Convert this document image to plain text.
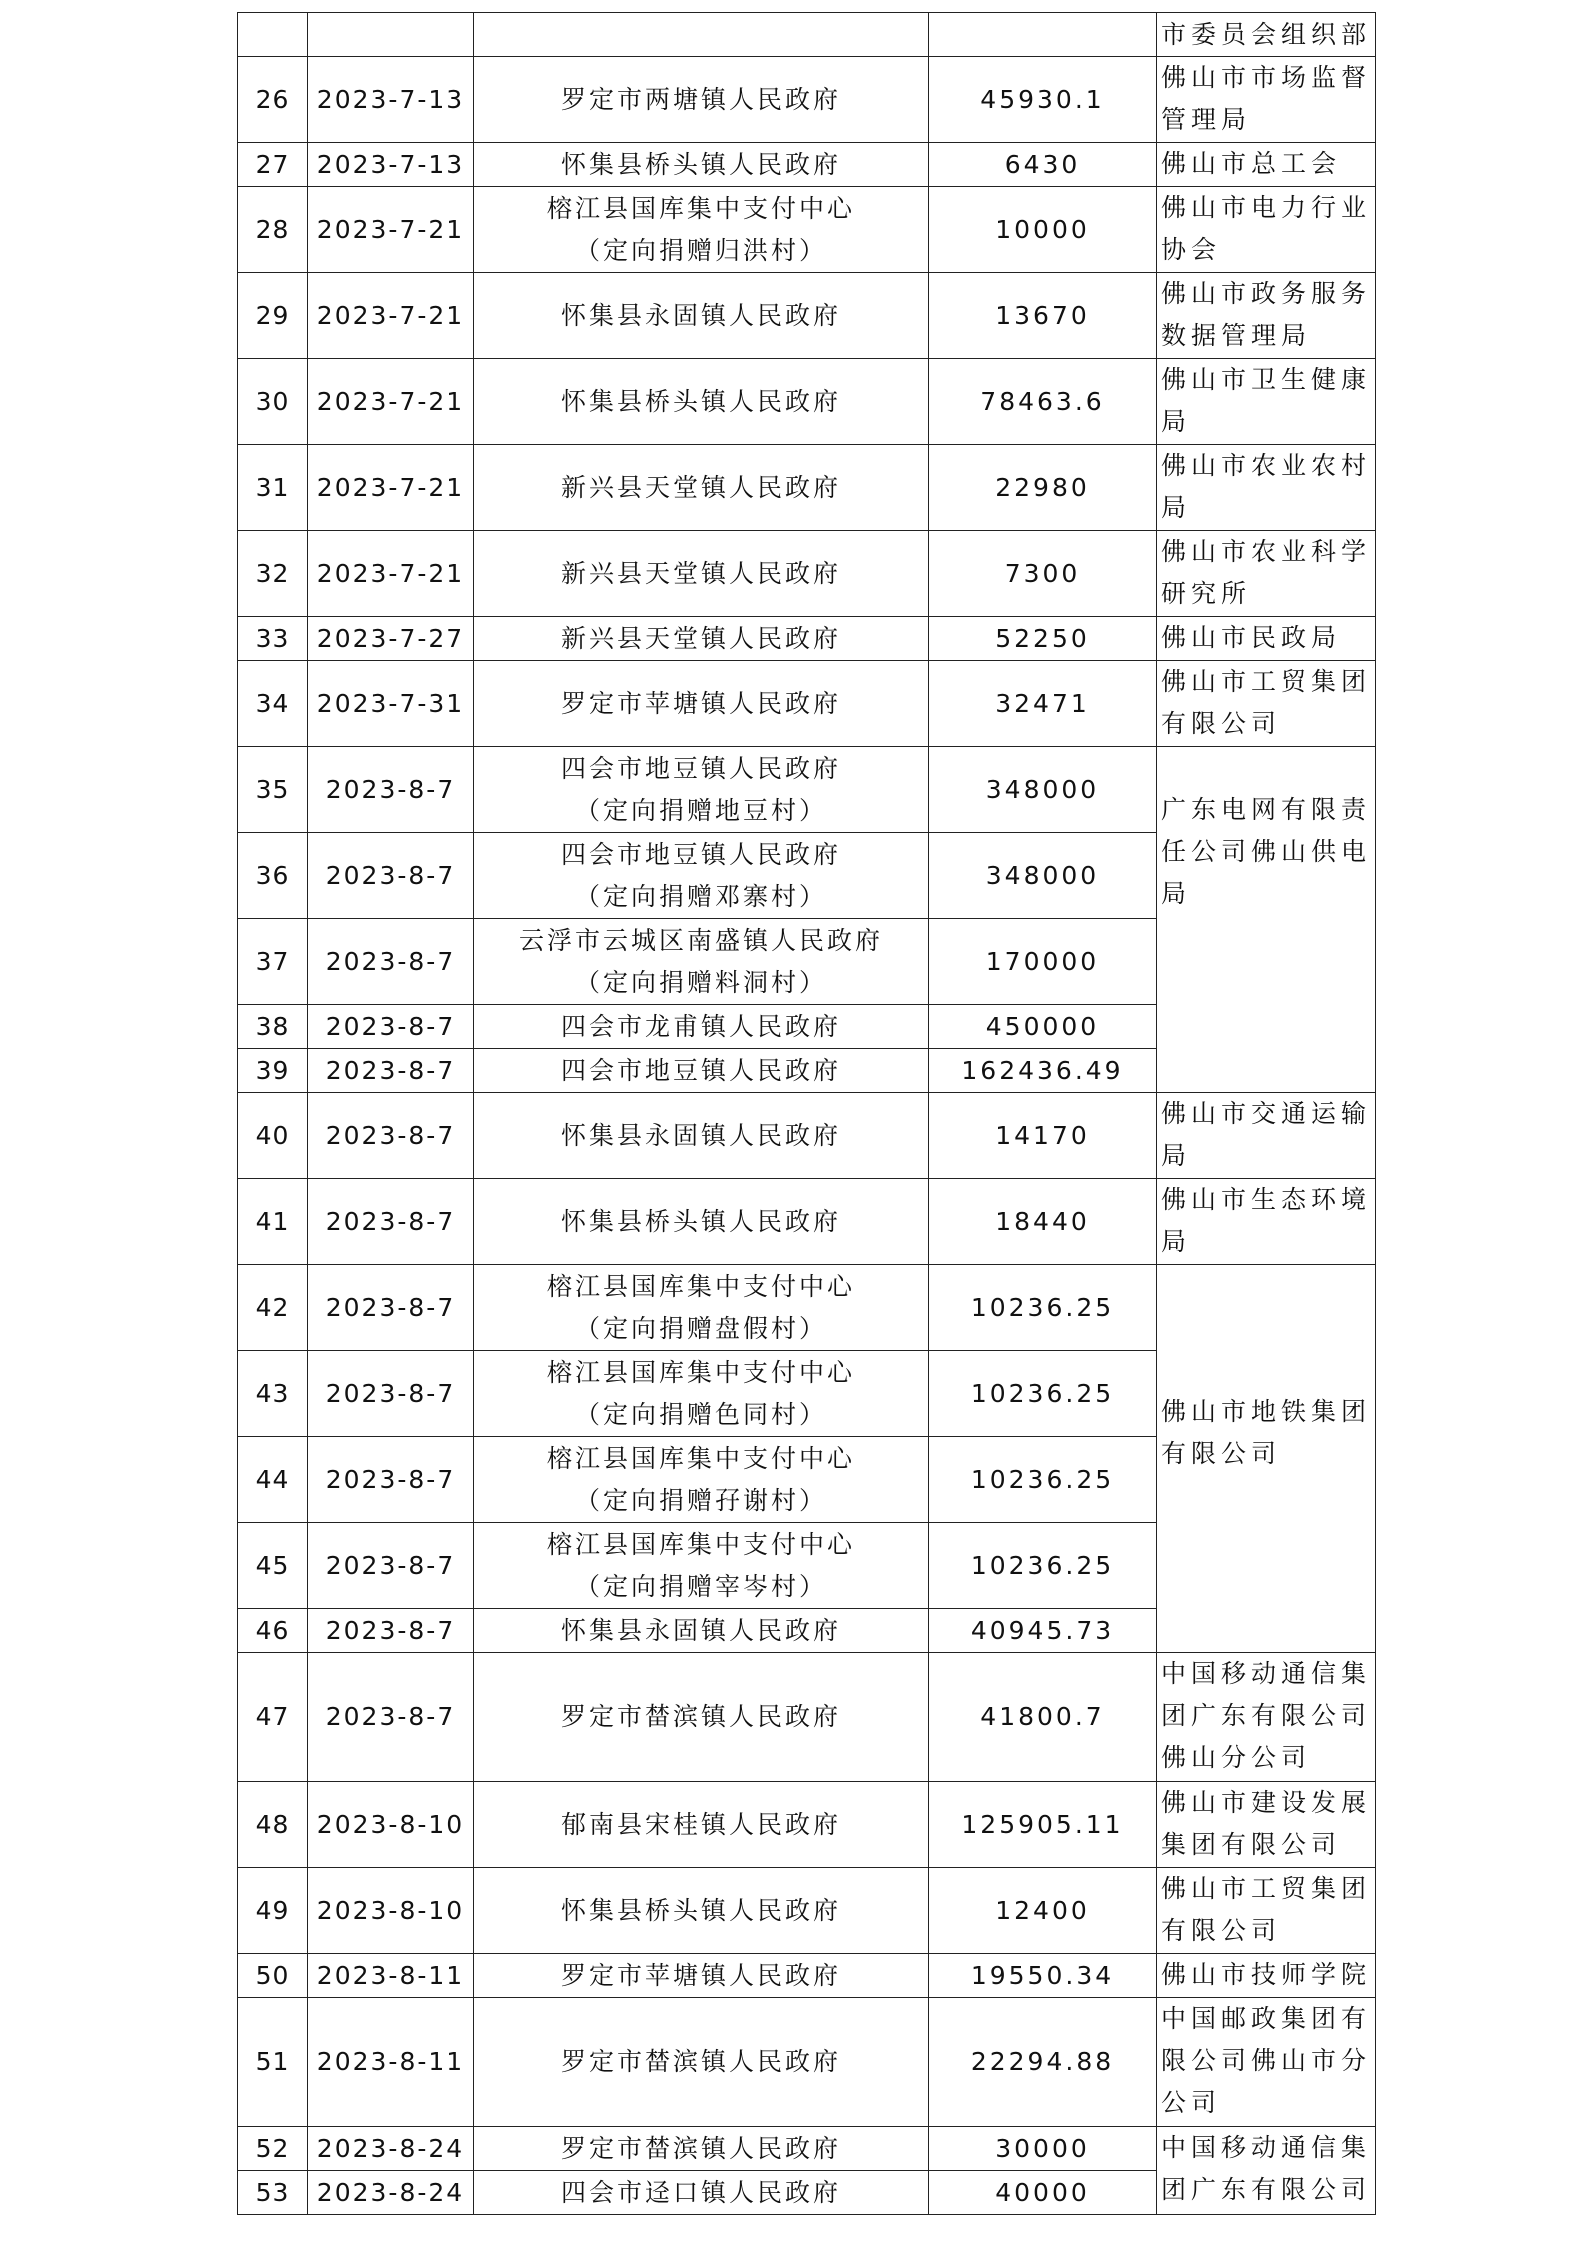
				市委员会组织部

26	2023-7-13	罗定市两塘镇人民政府	45930.1	佛山市市场监督
管理局

27	2023-7-13	怀集县桥头镇人民政府	6430	佛山市总工会

28	2023-7-21	榕江县国库集中支付中心
（定向捐赠归洪村）	10000	佛山市电力行业
协会

29	2023-7-21	怀集县永固镇人民政府	13670	佛山市政务服务
数据管理局

30	2023-7-21	怀集县桥头镇人民政府	78463.6	佛山市卫生健康
局

31	2023-7-21	新兴县天堂镇人民政府	22980	佛山市农业农村
局

32	2023-7-21	新兴县天堂镇人民政府	7300	佛山市农业科学
研究所

33	2023-7-27	新兴县天堂镇人民政府	52250	佛山市民政局

34	2023-7-31	罗定市苹塘镇人民政府	32471	佛山市工贸集团
有限公司

35	2023-8-7	四会市地豆镇人民政府
（定向捐赠地豆村）	348000	广东电网有限责
任公司佛山供电
局

36	2023-8-7	四会市地豆镇人民政府
（定向捐赠邓寨村）	348000	
37	2023-8-7	云浮市云城区南盛镇人民政府
（定向捐赠料洞村）	170000	
38	2023-8-7	四会市龙甫镇人民政府	450000	
39	2023-8-7	四会市地豆镇人民政府	162436.49	
40	2023-8-7	怀集县永固镇人民政府	14170	佛山市交通运输
局

41	2023-8-7	怀集县桥头镇人民政府	18440	佛山市生态环境
局

42	2023-8-7	榕江县国库集中支付中心
（定向捐赠盘假村）	10236.25	佛山市地铁集团
有限公司

43	2023-8-7	榕江县国库集中支付中心
（定向捐赠色同村）	10236.25	
44	2023-8-7	榕江县国库集中支付中心
（定向捐赠孖谢村）	10236.25	
45	2023-8-7	榕江县国库集中支付中心
（定向捐赠宰岑村）	10236.25	
46	2023-8-7	怀集县永固镇人民政府	40945.73	
47	2023-8-7	罗定市榃滨镇人民政府	41800.7	中国移动通信集
团广东有限公司
佛山分公司

48	2023-8-10	郁南县宋桂镇人民政府	125905.11	佛山市建设发展
集团有限公司

49	2023-8-10	怀集县桥头镇人民政府	12400	佛山市工贸集团
有限公司

50	2023-8-11	罗定市苹塘镇人民政府	19550.34	佛山市技师学院

51	2023-8-11	罗定市榃滨镇人民政府	22294.88	中国邮政集团有
限公司佛山市分
公司

52	2023-8-24	罗定市榃滨镇人民政府	30000	中国移动通信集
团广东有限公司

53	2023-8-24	四会市迳口镇人民政府	40000	
